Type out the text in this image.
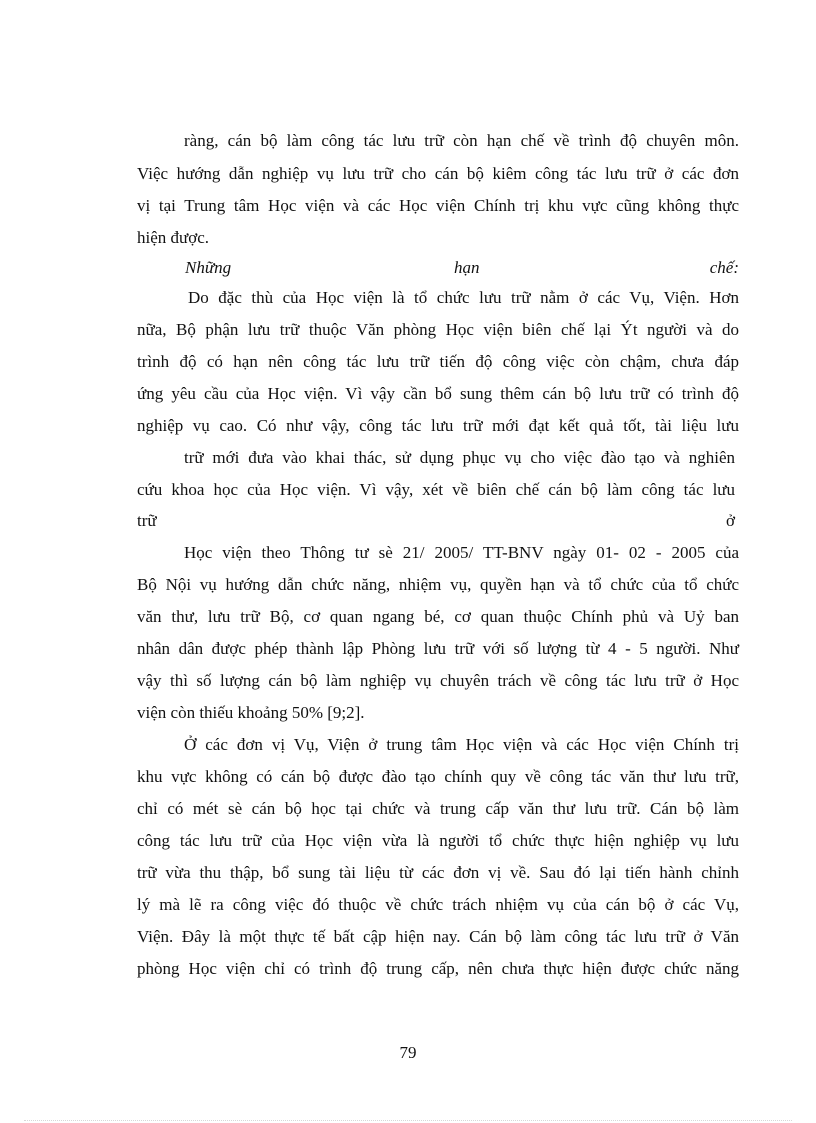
ràng, cán bộ làm công tác lưu trữ còn hạn chế về trình độ chuyên môn.
Việc hướng dẫn nghiệp vụ lưu trữ cho cán bộ kiêm công tác lưu trữ ở các đơn
vị tại Trung tâm Học viện và các Học viện Chính trị khu vực cũng không thực
hiện được.
Những	hạn	chế:
Do đặc thù của Học viện là tổ chức lưu trữ nằm ở các Vụ, Viện. Hơn
nữa, Bộ phận lưu trữ thuộc Văn phòng Học viện biên chế lại Ýt người và do
trình độ có hạn nên công tác lưu trữ tiến độ công việc còn chậm, chưa đáp
ứng yêu cầu của Học viện. Vì vậy cần bổ sung thêm cán bộ lưu trữ có trình độ
nghiệp vụ cao. Có như vậy, công tác lưu trữ mới đạt kết quả tốt, tài liệu lưu
trữ mới đưa vào khai thác, sử dụng phục vụ cho việc đào tạo và nghiên
cứu khoa học của Học viện. Vì vậy, xét về biên chế cán bộ làm công tác lưu
trữ	ở
Học viện theo Thông tư sè 21/ 2005/ TT-BNV ngày 01- 02 - 2005 của
Bộ Nội vụ hướng dẫn chức năng, nhiệm vụ, quyền hạn và tổ chức của tổ chức
văn thư, lưu trữ Bộ, cơ quan ngang bé, cơ quan thuộc Chính phủ và Uỷ ban
nhân dân được phép thành lập Phòng lưu trữ với số lượng từ 4 - 5 người. Như
vậy thì số lượng cán bộ làm nghiệp vụ chuyên trách về công tác lưu trữ ở Học
viện còn thiếu khoảng 50% [9;2].
Ở các đơn vị Vụ, Viện ở trung tâm Học viện và các Học viện Chính trị
khu vực không có cán bộ được đào tạo chính quy về công tác văn thư lưu trữ,
chỉ có mét sè cán bộ học tại chức và trung cấp văn thư lưu trữ. Cán bộ làm
công tác lưu trữ của Học viện vừa là người tổ chức thực hiện nghiệp vụ lưu
trữ vừa thu thập, bổ sung tài liệu từ các đơn vị về. Sau đó lại tiến hành chỉnh
lý mà lẽ ra công việc đó thuộc về chức trách nhiệm vụ của cán bộ ở các Vụ,
Viện. Đây là một thực tế bất cập hiện nay. Cán bộ làm công tác lưu trữ ở Văn
phòng Học viện chỉ có trình độ trung cấp, nên chưa thực hiện được chức năng
79
